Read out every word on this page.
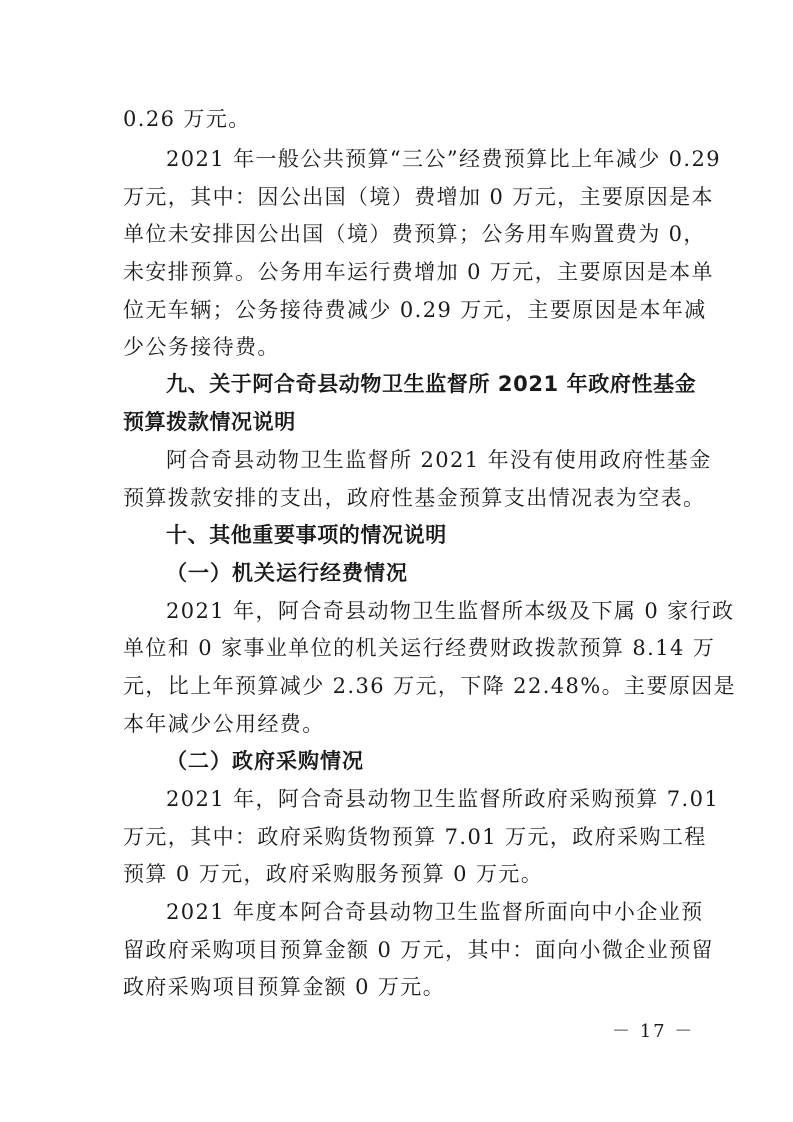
0.26 万元。
2021 年一般公共预算“三公”经费预算比上年减少 0.29
万元，其中：因公出国（境）费增加 0 万元，主要原因是本
单位未安排因公出国（境）费预算；公务用车购置费为 0，
未安排预算。公务用车运行费增加 0 万元，主要原因是本单
位无车辆；公务接待费减少 0.29 万元，主要原因是本年减
少公务接待费。
九、关于阿合奇县动物卫生监督所 2021 年政府性基金
预算拨款情况说明
阿合奇县动物卫生监督所 2021 年没有使用政府性基金
预算拨款安排的支出，政府性基金预算支出情况表为空表。
十、其他重要事项的情况说明
（一）机关运行经费情况
2021 年，阿合奇县动物卫生监督所本级及下属 0 家行政
单位和 0 家事业单位的机关运行经费财政拨款预算 8.14 万
元，比上年预算减少 2.36 万元，下降 22.48%。主要原因是
本年减少公用经费。
（二）政府采购情况
2021 年，阿合奇县动物卫生监督所政府采购预算 7.01
万元，其中：政府采购货物预算 7.01 万元，政府采购工程
预算 0 万元，政府采购服务预算 0 万元。
2021 年度本阿合奇县动物卫生监督所面向中小企业预
留政府采购项目预算金额 0 万元，其中：面向小微企业预留
政府采购项目预算金额 0 万元。
－ 17 －
